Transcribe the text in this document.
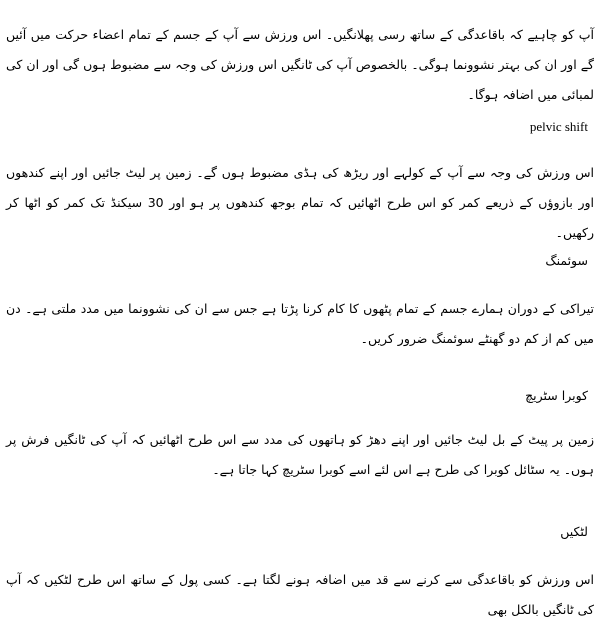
آپ کو چاہیے کہ باقاعدگی کے ساتھ رسی پھلانگیں۔ اس ورزش سے آپ کے جسم کے تمام اعضاء حرکت میں آئیں گے اور ان کی بہتر نشوونما ہوگی۔ بالخصوص آپ کی ٹانگیں اس ورزش کی وجہ سے مضبوط ہوں گی اور ان کی لمبائی میں اضافہ ہوگا۔

pelvic shift

اس ورزش کی وجہ سے آپ کے کولہے اور ریڑھ کی ہڈی مضبوط ہوں گے۔ زمین پر لیٹ جائیں اور اپنے کندھوں اور بازوؤں کے ذریعے کمر کو اس طرح اٹھائیں کہ تمام بوجھ کندھوں پر ہو اور 30 سیکنڈ تک کمر کو اٹھا کر رکھیں۔

سوئمنگ

تیراکی کے دوران ہمارے جسم کے تمام پٹھوں کا کام کرنا پڑتا ہے جس سے ان کی نشوونما میں مدد ملتی ہے۔ دن میں کم از کم دو گھنٹے سوئمنگ ضرور کریں۔

کوبرا سٹریچ

زمین پر پیٹ کے بل لیٹ جائیں اور اپنے دھڑ کو ہاتھوں کی مدد سے اس طرح اٹھائیں کہ آپ کی ٹانگیں فرش پر ہوں۔ یہ سٹائل کوبرا کی طرح ہے اس لئے اسے کوبرا سٹریچ کہا جاتا ہے۔

لٹکیں

اس ورزش کو باقاعدگی سے کرنے سے قد میں اضافہ ہونے لگتا ہے۔ کسی پول کے ساتھ اس طرح لٹکیں کہ آپ کی ٹانگیں بالکل بھی
